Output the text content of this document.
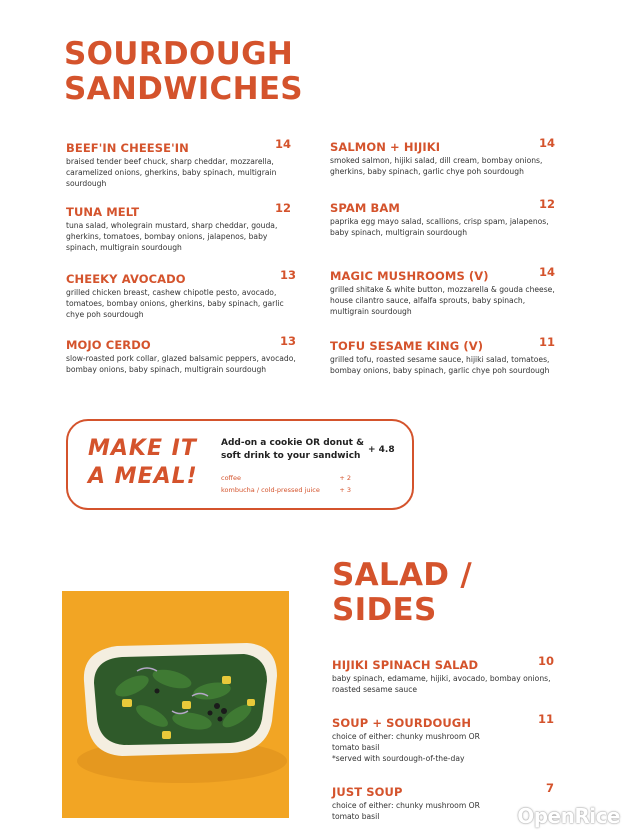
SOURDOUGH
SANDWICHES
BEEF'IN CHEESE'IN	14
braised tender beef chuck, sharp cheddar, mozzarella, caramelized onions, gherkins, baby spinach, multigrain sourdough
TUNA MELT	12
tuna salad, wholegrain mustard, sharp cheddar, gouda, gherkins, tomatoes, bombay onions, jalapenos, baby spinach, multigrain sourdough
CHEEKY AVOCADO	13
grilled chicken breast, cashew chipotle pesto, avocado, tomatoes, bombay onions, gherkins, baby spinach, garlic chye poh sourdough
MOJO CERDO	13
slow-roasted pork collar, glazed balsamic peppers, avocado, bombay onions, baby spinach, multigrain sourdough
SALMON + HIJIKI	14
smoked salmon, hijiki salad, dill cream, bombay onions, gherkins, baby spinach, garlic chye poh sourdough
SPAM BAM	12
paprika egg mayo salad, scallions, crisp spam, jalapenos, baby spinach, multigrain sourdough
MAGIC MUSHROOMS (V)	14
grilled shitake & white button, mozzarella & gouda cheese, house cilantro sauce, alfalfa sprouts, baby spinach, multigrain sourdough
TOFU SESAME KING (V)	11
grilled tofu, roasted sesame sauce, hijiki salad, tomatoes, bombay onions, baby spinach, garlic chye poh sourdough
MAKE IT
A MEAL!
Add-on a cookie OR donut & soft drink to your sandwich
+ 4.8
coffee	+ 2
kombucha / cold-pressed juice	+ 3
SALAD /
SIDES
HIJIKI SPINACH SALAD	10
baby spinach, edamame, hijiki, avocado, bombay onions, roasted sesame sauce
SOUP + SOURDOUGH	11
choice of either: chunky mushroom OR tomato basil
*served with sourdough-of-the-day
JUST SOUP	7
choice of either: chunky mushroom OR tomato basil	OpenRice
